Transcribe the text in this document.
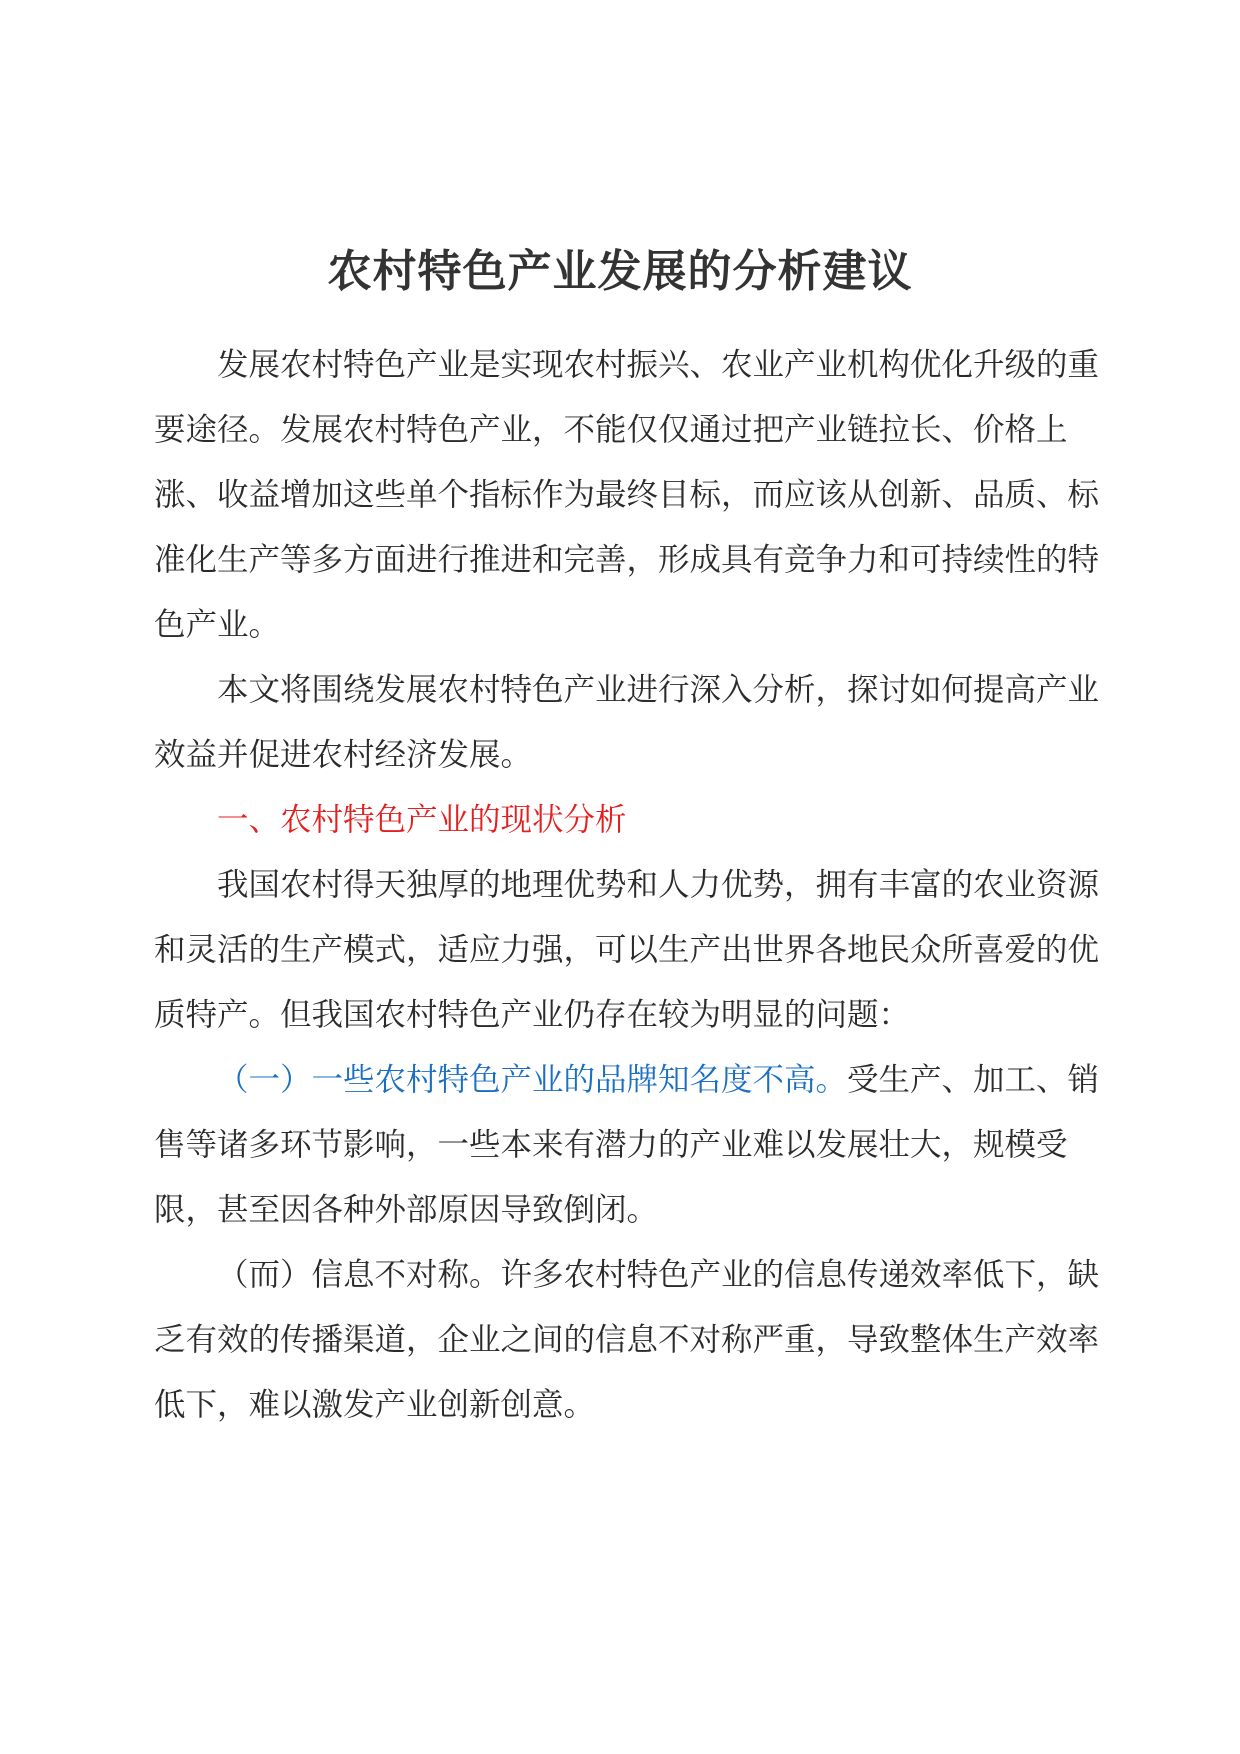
农村特色产业发展的分析建议

发展农村特色产业是实现农村振兴、农业产业机构优化升级的重要途径。发展农村特色产业，不能仅仅通过把产业链拉长、价格上涨、收益增加这些单个指标作为最终目标，而应该从创新、品质、标准化生产等多方面进行推进和完善，形成具有竞争力和可持续性的特色产业。

本文将围绕发展农村特色产业进行深入分析，探讨如何提高产业效益并促进农村经济发展。

一、农村特色产业的现状分析

我国农村得天独厚的地理优势和人力优势，拥有丰富的农业资源和灵活的生产模式，适应力强，可以生产出世界各地民众所喜爱的优质特产。但我国农村特色产业仍存在较为明显的问题：

（一）一些农村特色产业的品牌知名度不高。受生产、加工、销售等诸多环节影响，一些本来有潜力的产业难以发展壮大，规模受限，甚至因各种外部原因导致倒闭。

（而）信息不对称。许多农村特色产业的信息传递效率低下，缺乏有效的传播渠道，企业之间的信息不对称严重，导致整体生产效率低下，难以激发产业创新创意。
